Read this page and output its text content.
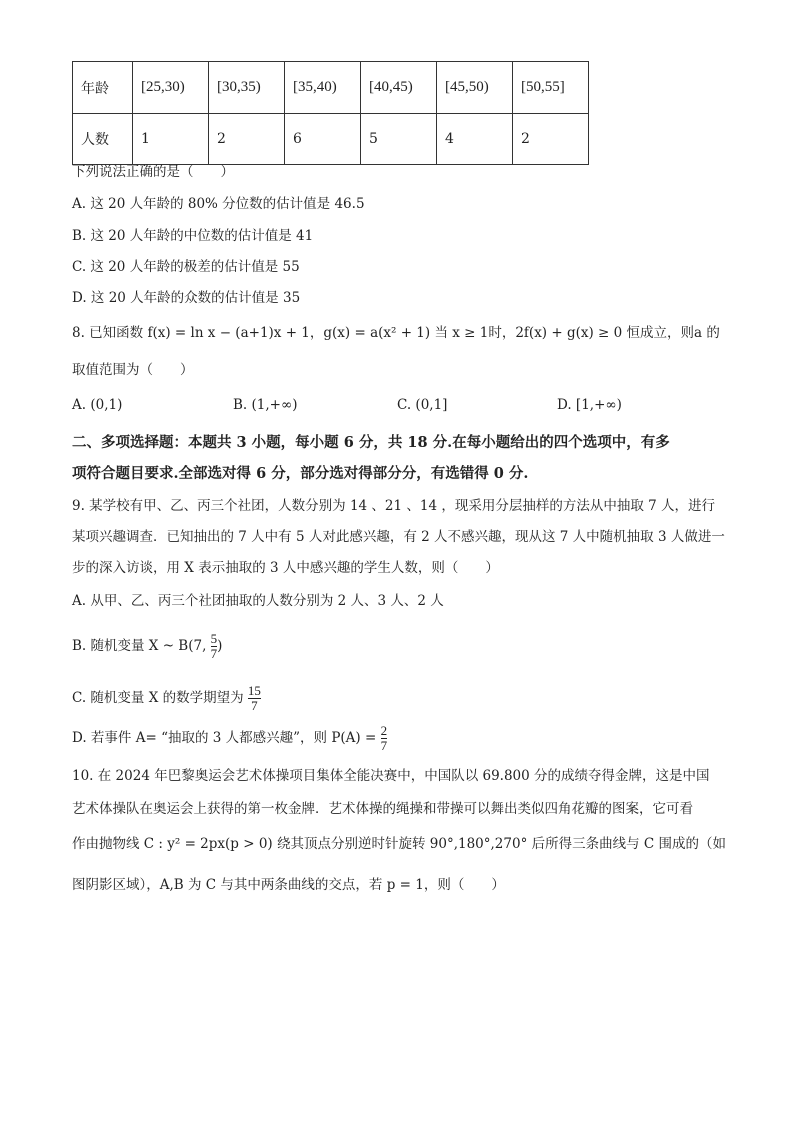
年龄	[25,30)	[30,35)	[35,40)	[40,45)	[45,50)	[50,55]
人数	1	2	6	5	4	2
下列说法正确的是（　　）
A. 这 20 人年龄的 80% 分位数的估计值是 46.5
B. 这 20 人年龄的中位数的估计值是 41
C. 这 20 人年龄的极差的估计值是 55
D. 这 20 人年龄的众数的估计值是 35
8. 已知函数 f(x) = ln x − (a+1)x + 1，g(x) = a(x² + 1) 当 x ≥ 1时，2f(x) + g(x) ≥ 0 恒成立，则a 的
取值范围为（　　）
A. (0,1)	B. (1,+∞)	C. (0,1]	D. [1,+∞)
二、多项选择题：本题共 3 小题，每小题 6 分，共 18 分.在每小题给出的四个选项中，有多
项符合题目要求.全部选对得 6 分，部分选对得部分分，有选错得 0 分.
9. 某学校有甲、乙、丙三个社团，人数分别为 14 、21 、14 ，现采用分层抽样的方法从中抽取 7 人，进行
某项兴趣调查．已知抽出的 7 人中有 5 人对此感兴趣，有 2 人不感兴趣，现从这 7 人中随机抽取 3 人做进一
步的深入访谈，用 X 表示抽取的 3 人中感兴趣的学生人数，则（　　）
A. 从甲、乙、丙三个社团抽取的人数分别为 2 人、3 人、2 人
B. 随机变量 X ~ B(7, $\frac{5}{7}$ )
C. 随机变量 X 的数学期望为 $\frac{15}{7}$
D. 若事件 A= “抽取的 3 人都感兴趣”，则 $P(A) = \frac{2}{7}$
10. 在 2024 年巴黎奥运会艺术体操项目集体全能决赛中，中国队以 69.800 分的成绩夺得金牌，这是中国
艺术体操队在奥运会上获得的第一枚金牌．艺术体操的绳操和带操可以舞出类似四角花瓣的图案，它可看
作由抛物线 C : y² = 2px(p > 0) 绕其顶点分别逆时针旋转 90°,180°,270° 后所得三条曲线与 C 围成的（如
图阴影区域），A,B 为 C 与其中两条曲线的交点，若 p = 1，则（　　）
